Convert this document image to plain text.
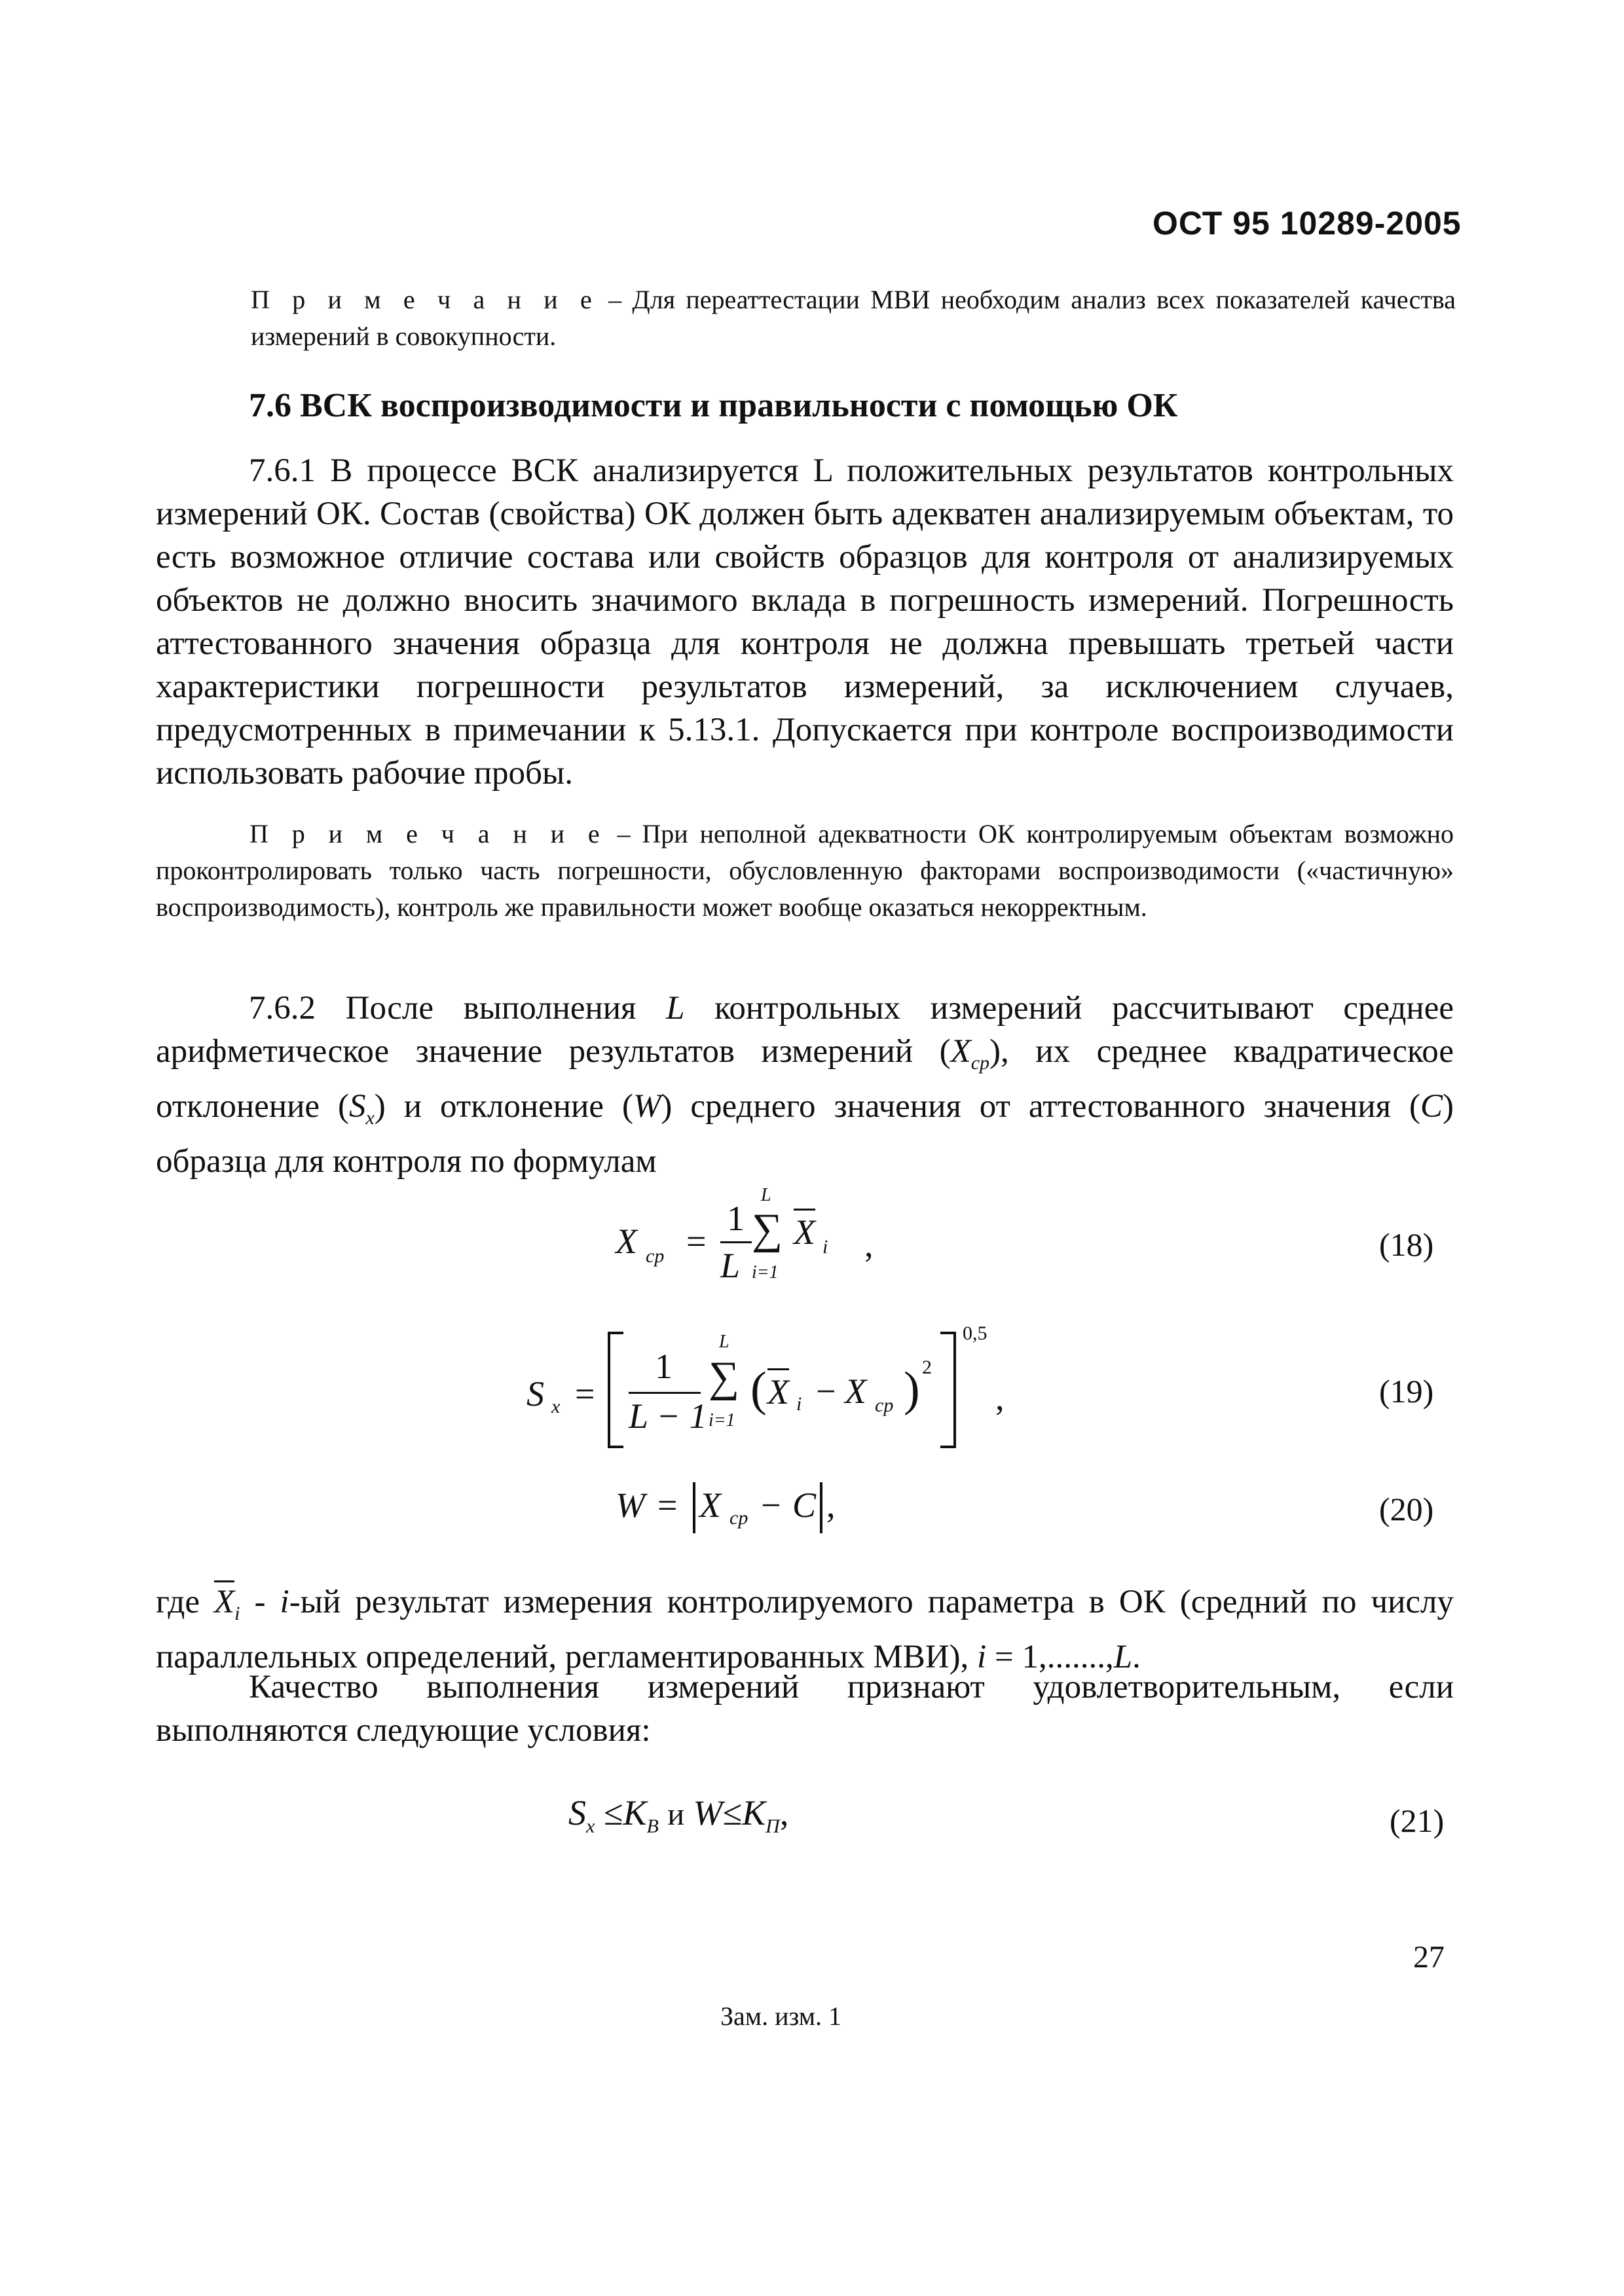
ОСТ 95 10289-2005
П р и м е ч а н и е – Для переаттестации МВИ необходим анализ всех показателей качества измерений в совокупности.
7.6 ВСК воспроизводимости и правильности с помощью ОК
7.6.1 В процессе ВСК анализируется L положительных результатов контрольных измерений ОК. Состав (свойства) ОК должен быть адекватен анализируемым объектам, то есть возможное отличие состава или свойств образцов для контроля от анализируемых объектов не должно вносить значимого вклада в погрешность измерений. Погрешность аттестованного значения образца для контроля не должна превышать третьей части характеристики погрешности результатов измерений, за исключением случаев, предусмотренных в примечании к 5.13.1. Допускается при контроле воспроизводимости использовать рабочие пробы.
П р и м е ч а н и е – При неполной адекватности ОК контролируемым объектам возможно проконтролировать только часть погрешности, обусловленную факторами воспроизводимости («частичную» воспроизводимость), контроль же правильности может вообще оказаться некорректным.
7.6.2 После выполнения L контрольных измерений рассчитывают среднее арифметическое значение результатов измерений $(X_{cp})$, их среднее квадратическое отклонение $(S_x)$ и отклонение (W) среднего значения от аттестованного значения (C) образца для контроля по формулам
X cp =
1
L
L
∑
i=1
X i ,	(18)
S x =
1
L − 1
L
∑
i=1
( X i − X cp ) 2
0,5
,	(19)
W = X cp − C ,	(20)
где $X_i - i-ый$ результат измерения контролируемого параметра в ОК (средний по числу параллельных определений, регламентированных МВИ), i = 1,.......,L.
Качество выполнения измерений признают удовлетворительным, если выполняются следующие условия:
$S_x \le K_В$ и $W\le K_П$,	(21)
27
Зам. изм. 1
